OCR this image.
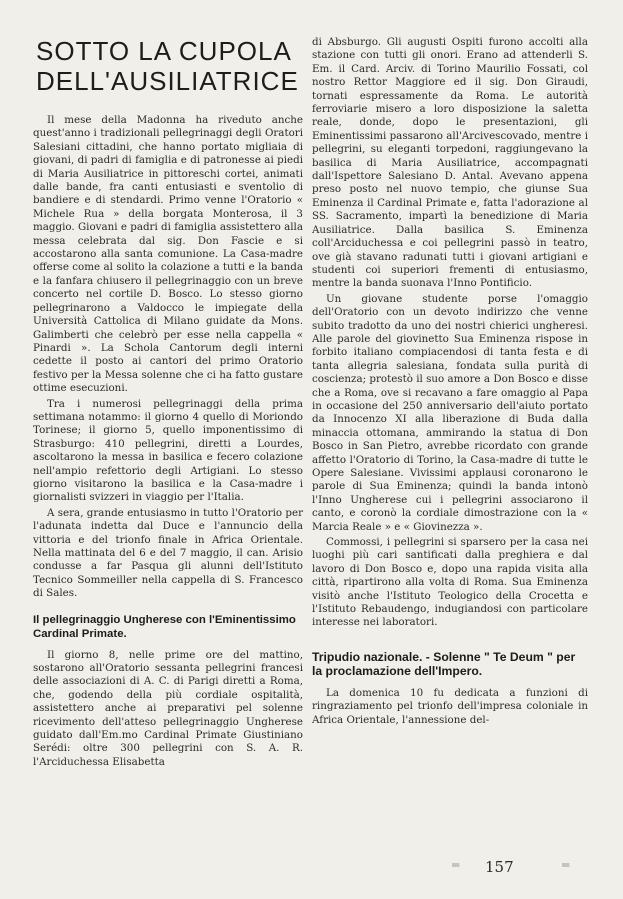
SOTTO LA CUPOLA
DELL'AUSILIATRICE

Il mese della Madonna ha riveduto anche quest'anno i tradizionali pellegrinaggi degli Oratori Salesiani cittadini, che hanno portato migliaia di giovani, di padri di famiglia e di patronesse ai piedi di Maria Ausiliatrice in pittoreschi cortei, animati dalle bande, fra canti entusiasti e sventolio di bandiere e di stendardi. Primo venne l'Oratorio « Michele Rua » della borgata Monterosa, il 3 maggio. Giovani e padri di famiglia assistettero alla messa celebrata dal sig. Don Fascie e si accostarono alla santa comunione. La Casa-madre offerse come al solito la colazione a tutti e la banda e la fanfara chiusero il pellegrinaggio con un breve concerto nel cortile D. Bosco. Lo stesso giorno pellegrinarono a Valdocco le impiegate della Università Cattolica di Milano guidate da Mons. Galimberti che celebrò per esse nella cappella « Pinardi ». La Schola Cantorum degli interni cedette il posto ai cantori del primo Oratorio festivo per la Messa solenne che ci ha fatto gustare ottime esecuzioni.

Tra i numerosi pellegrinaggi della prima settimana notammo: il giorno 4 quello di Moriondo Torinese; il giorno 5, quello imponentissimo di Strasburgo: 410 pellegrini, diretti a Lourdes, ascoltarono la messa in basilica e fecero colazione nell'ampio refettorio degli Artigiani. Lo stesso giorno visitarono la basilica e la Casa-madre i giornalisti svizzeri in viaggio per l'Italia.

A sera, grande entusiasmo in tutto l'Oratorio per l'adunata indetta dal Duce e l'annuncio della vittoria e del trionfo finale in Africa Orientale. Nella mattinata del 6 e del 7 maggio, il can. Arisio condusse a far Pasqua gli alunni dell'Istituto Tecnico Sommeiller nella cappella di S. Francesco di Sales.

Il pellegrinaggio Ungherese con l'Eminentissimo Cardinal Primate.

Il giorno 8, nelle prime ore del mattino, sostarono all'Oratorio sessanta pellegrini francesi delle associazioni di A. C. di Parigi diretti a Roma, che, godendo della più cordiale ospitalità, assistettero anche ai preparativi pel solenne ricevimento dell'atteso pellegrinaggio Ungherese guidato dall'Em.mo Cardinal Primate Giustiniano Serédi: oltre 300 pellegrini con S. A. R. l'Arciduchessa Elisabetta

di Absburgo. Gli augusti Ospiti furono accolti alla stazione con tutti gli onori. Erano ad attenderli S. Em. il Card. Arciv. di Torino Maurilio Fossati, col nostro Rettor Maggiore ed il sig. Don Giraudi, tornati espressamente da Roma. Le autorità ferroviarie misero a loro disposizione la saletta reale, donde, dopo le presentazioni, gli Eminentissimi passarono all'Arcivescovado, mentre i pellegrini, su eleganti torpedoni, raggiungevano la basilica di Maria Ausiliatrice, accompagnati dall'Ispettore Salesiano D. Antal. Avevano appena preso posto nel nuovo tempio, che giunse Sua Eminenza il Cardinal Primate e, fatta l'adorazione al SS. Sacramento, impartì la benedizione di Maria Ausiliatrice. Dalla basilica S. Eminenza coll'Arciduchessa e coi pellegrini passò in teatro, ove già stavano radunati tutti i giovani artigiani e studenti coi superiori frementi di entusiasmo, mentre la banda suonava l'Inno Pontificio.

Un giovane studente porse l'omaggio dell'Oratorio con un devoto indirizzo che venne subito tradotto da uno dei nostri chierici ungheresi. Alle parole del giovinetto Sua Eminenza rispose in forbito italiano compiacendosi di tanta festa e di tanta allegria salesiana, fondata sulla purità di coscienza; protestò il suo amore a Don Bosco e disse che a Roma, ove si recavano a fare omaggio al Papa in occasione del 250 anniversario dell'aiuto portato da Innocenzo XI alla liberazione di Buda dalla minaccia ottomana, ammirando la statua di Don Bosco in San Pietro, avrebbe ricordato con grande affetto l'Oratorio di Torino, la Casa-madre di tutte le Opere Salesiane. Vivissimi applausi coronarono le parole di Sua Eminenza; quindi la banda intonò l'Inno Ungherese cui i pellegrini associarono il canto, e coronò la cordiale dimostrazione con la « Marcia Reale » e « Giovinezza ».

Commossi, i pellegrini si sparsero per la casa nei luoghi più cari santificati dalla preghiera e dal lavoro di Don Bosco e, dopo una rapida visita alla città, ripartirono alla volta di Roma. Sua Eminenza visitò anche l'Istituto Teologico della Crocetta e l'Istituto Rebaudengo, indugiandosi con particolare interesse nei laboratori.

Tripudio nazionale. - Solenne " Te Deum " per la proclamazione dell'Impero.

La domenica 10 fu dedicata a funzioni di ringraziamento pel trionfo dell'impresa coloniale in Africa Orientale, l'annessione del-

═ 157	═
